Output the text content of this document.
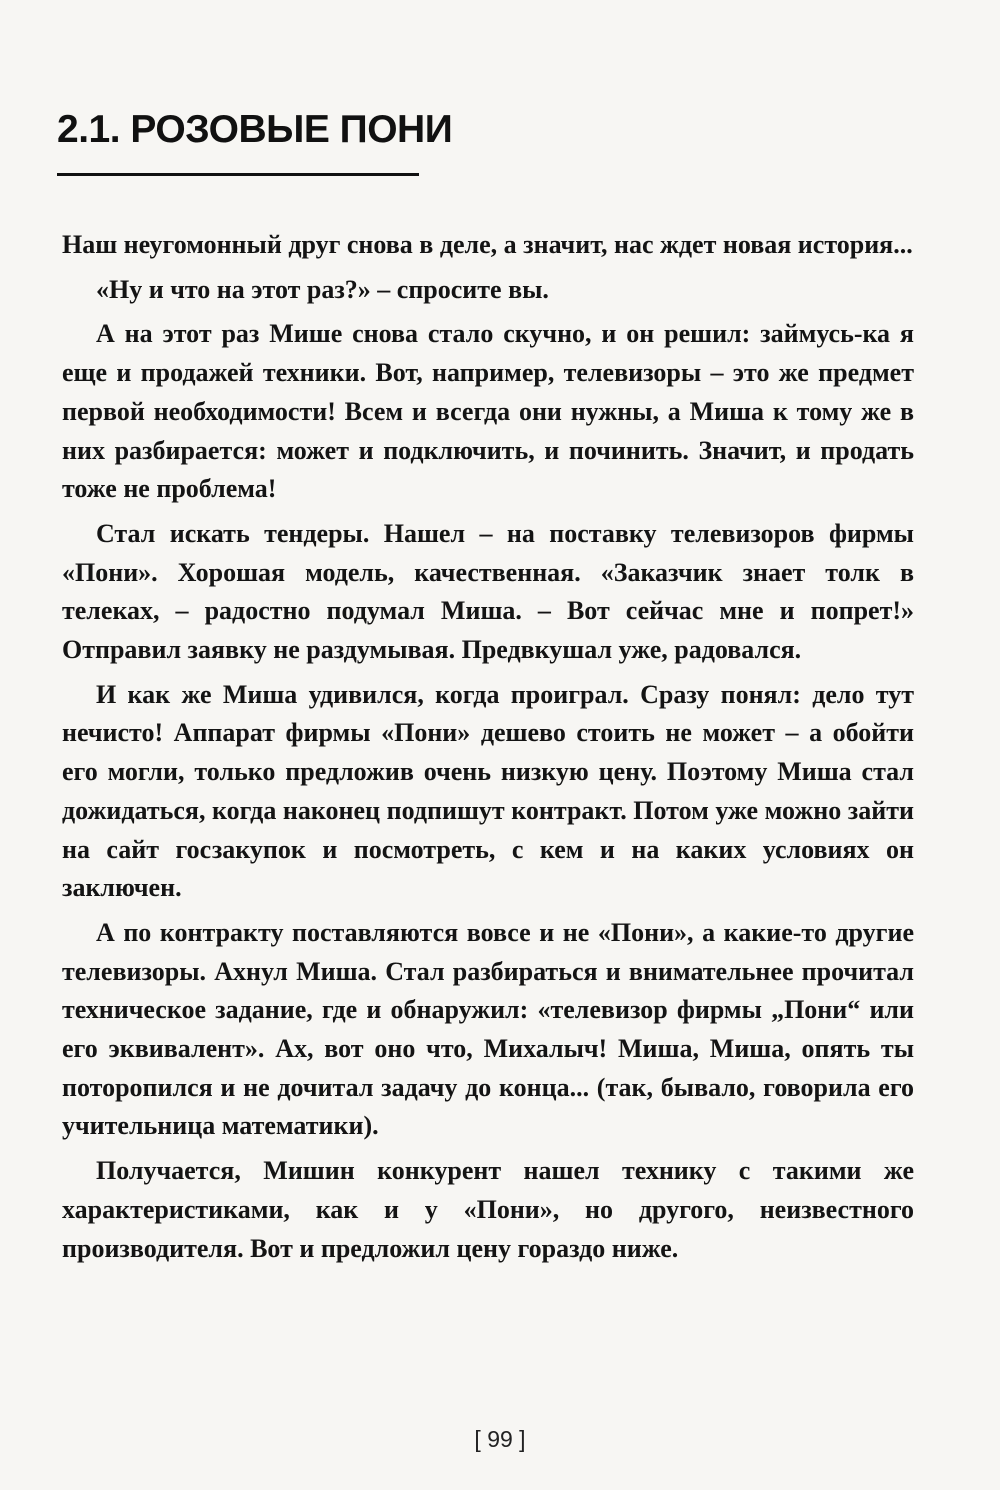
2.1. РОЗОВЫЕ ПОНИ

Наш неугомонный друг снова в деле, а значит, нас ждет новая история...

«Ну и что на этот раз?» – спросите вы.

А на этот раз Мише снова стало скучно, и он решил: займусь-ка я еще и продажей техники. Вот, например, телевизоры – это же предмет первой необходимости! Всем и всегда они нужны, а Миша к тому же в них разбирается: может и подключить, и починить. Значит, и продать тоже не проблема!

Стал искать тендеры. Нашел – на поставку телевизоров фирмы «Пони». Хорошая модель, качественная. «Заказчик знает толк в телеках, – радостно подумал Миша. – Вот сейчас мне и попрет!» Отправил заявку не раздумывая. Предвкушал уже, радовался.

И как же Миша удивился, когда проиграл. Сразу понял: дело тут нечисто! Аппарат фирмы «Пони» дешево стоить не может – а обойти его могли, только предложив очень низкую цену. Поэтому Миша стал дожидаться, когда наконец подпишут контракт. Потом уже можно зайти на сайт госзакупок и посмотреть, с кем и на каких условиях он заключен.

А по контракту поставляются вовсе и не «Пони», а какие-то другие телевизоры. Ахнул Миша. Стал разбираться и внимательнее прочитал техническое задание, где и обнаружил: «телевизор фирмы „Пони“ или его эквивалент». Ах, вот оно что, Михалыч! Миша, Миша, опять ты поторопился и не дочитал задачу до конца... (так, бывало, говорила его учительница математики).

Получается, Мишин конкурент нашел технику с такими же характеристиками, как и у «Пони», но другого, неизвестного производителя. Вот и предложил цену гораздо ниже.

[ 99 ]
